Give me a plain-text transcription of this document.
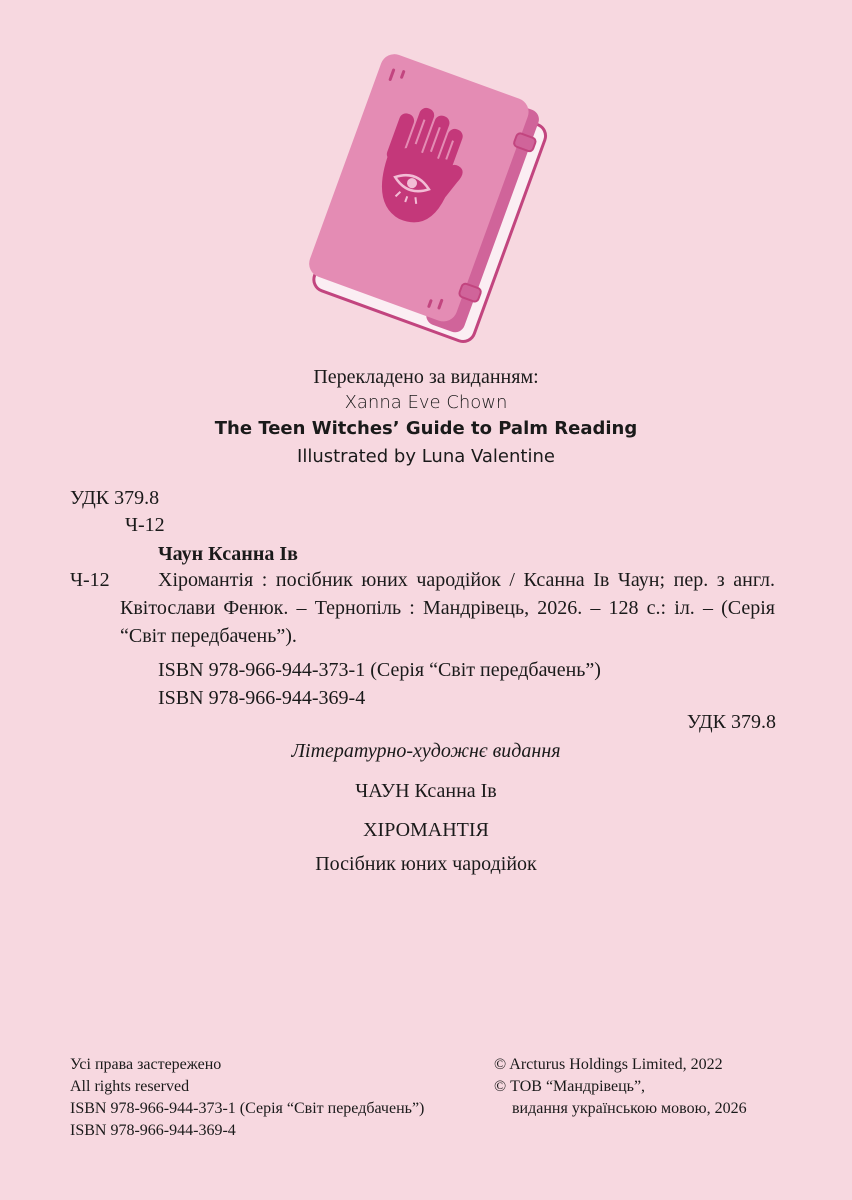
Перекладено за виданням:
Xanna Eve Chown
The Teen Witches’ Guide to Palm Reading
Illustrated by Luna Valentine
УДК 379.8
Ч-12
Чаун Ксанна Ів
Ч-12	Хіромантія : посібник юних чародійок / Ксанна Ів Чаун; пер. з англ. Квітослави Фенюк. – Тернопіль : Мандрівець, 2026. – 128 с.: іл. – (Серія “Світ передбачень”).
ISBN 978-966-944-373-1 (Серія “Світ передбачень”)
ISBN 978-966-944-369-4
УДК 379.8
Літературно-художнє видання
ЧАУН Ксанна Ів
ХІРОМАНТІЯ
Посібник юних чародійок
Усі права застережено
All rights reserved
ISBN 978-966-944-373-1 (Серія “Світ передбачень”)
ISBN 978-966-944-369-4
© Arcturus Holdings Limited, 2022
© ТОВ “Мандрівець”,
видання українською мовою, 2026
